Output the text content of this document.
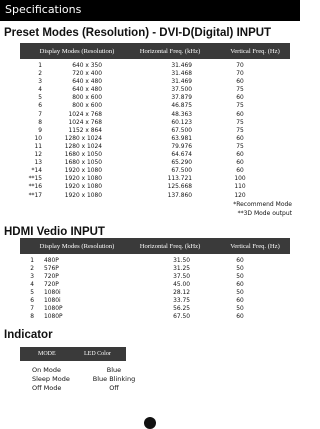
Specifications
Preset Modes (Resolution) - DVI-D(Digital) INPUT
Display Modes (Resolution)	Horizontal Freq. (kHz)	Vertical Freq. (Hz)
1	640 x 350	31.469	70
2	720 x 400	31.468	70
3	640 x 480	31.469	60
4	640 x 480	37.500	75
5	800 x 600	37.879	60
6	800 x 600	46.875	75
7	1024 x 768	48.363	60
8	1024 x 768	60.123	75
9	1152 x 864	67.500	75
10	1280 x 1024	63.981	60
11	1280 x 1024	79.976	75
12	1680 x 1050	64.674	60
13	1680 x 1050	65.290	60
*14	1920 x 1080	67.500	60
**15	1920 x 1080	113.721	100
**16	1920 x 1080	125.668	110
**17	1920 x 1080	137.860	120
*Recommend Mode
**3D Mode output
HDMI Vedio INPUT
Display Modes (Resolution)	Horizontal Freq. (kHz)	Vertical Freq. (Hz)
1 480P	31.50	60
2 576P	31.25	50
3 720P	37.50	50
4 720P	45.00	60
5 1080i	28.12	50
6 1080i	33.75	60
7 1080P	56.25	50
8 1080P	67.50	60
Indicator
MODE	LED Color
On Mode	Blue
Sleep Mode	Blue Blinking
Off Mode	Off
